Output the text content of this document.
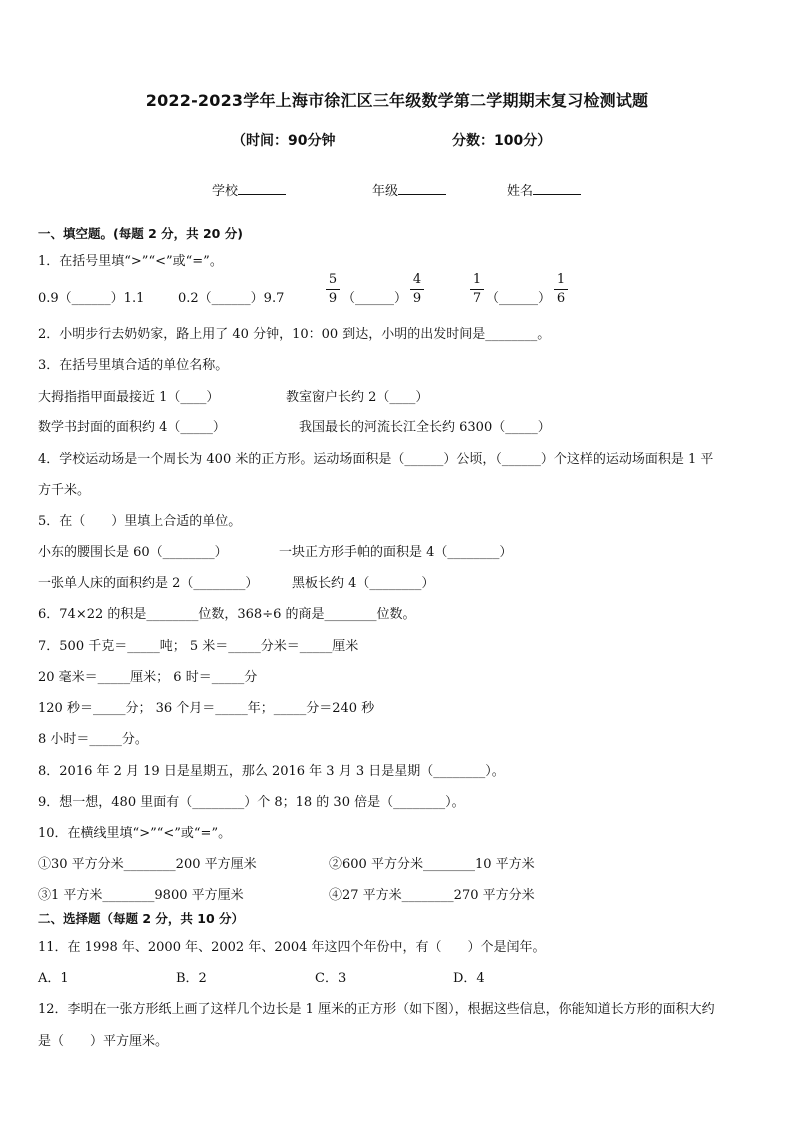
2022-2023学年上海市徐汇区三年级数学第二学期期末复习检测试题
（时间：90分钟	分数：100分）
学校	年级	姓名
一、填空题。(每题 2 分，共 20 分)
1．在括号里填“>”“<”或“=”。
0.9（______）1.1	0.2（______）9.7
5
9 （______）
4
9
1
7 （______）
1
6
2．小明步行去奶奶家，路上用了 40 分钟，10：00 到达，小明的出发时间是________。
3．在括号里填合适的单位名称。
大拇指指甲面最接近 1（____）	教室窗户长约 2（____）
数学书封面的面积约 4（_____）	我国最长的河流长江全长约 6300（_____）
4．学校运动场是一个周长为 400 米的正方形。运动场面积是（______）公顷，（______）个这样的运动场面积是 1 平
方千米。
5．在（　　）里填上合适的单位。
小东的腰围长是 60（________）	一块正方形手帕的面积是 4（________）
一张单人床的面积约是 2（________）	黑板长约 4（________）
6．74×22 的积是________位数，368÷6 的商是________位数。
7．500 千克＝_____吨； 5 米＝_____分米＝_____厘米
20 毫米＝_____厘米； 6 时＝_____分
120 秒＝_____分； 36 个月＝_____年；_____分＝240 秒
8 小时＝_____分。
8．2016 年 2 月 19 日是星期五，那么 2016 年 3 月 3 日是星期（________）。
9．想一想，480 里面有（________）个 8；18 的 30 倍是（________）。
10．在横线里填“>”“<”或“=”。
①30 平方分米________200 平方厘米	②600 平方分米________10 平方米
③1 平方米________9800 平方厘米	④27 平方米________270 平方分米
二、选择题（每题 2 分，共 10 分）
11．在 1998 年、2000 年、2002 年、2004 年这四个年份中，有（　　）个是闰年。
A．1	B．2	C．3	D．4
12．李明在一张方形纸上画了这样几个边长是 1 厘米的正方形（如下图），根据这些信息，你能知道长方形的面积大约
是（　　）平方厘米。
